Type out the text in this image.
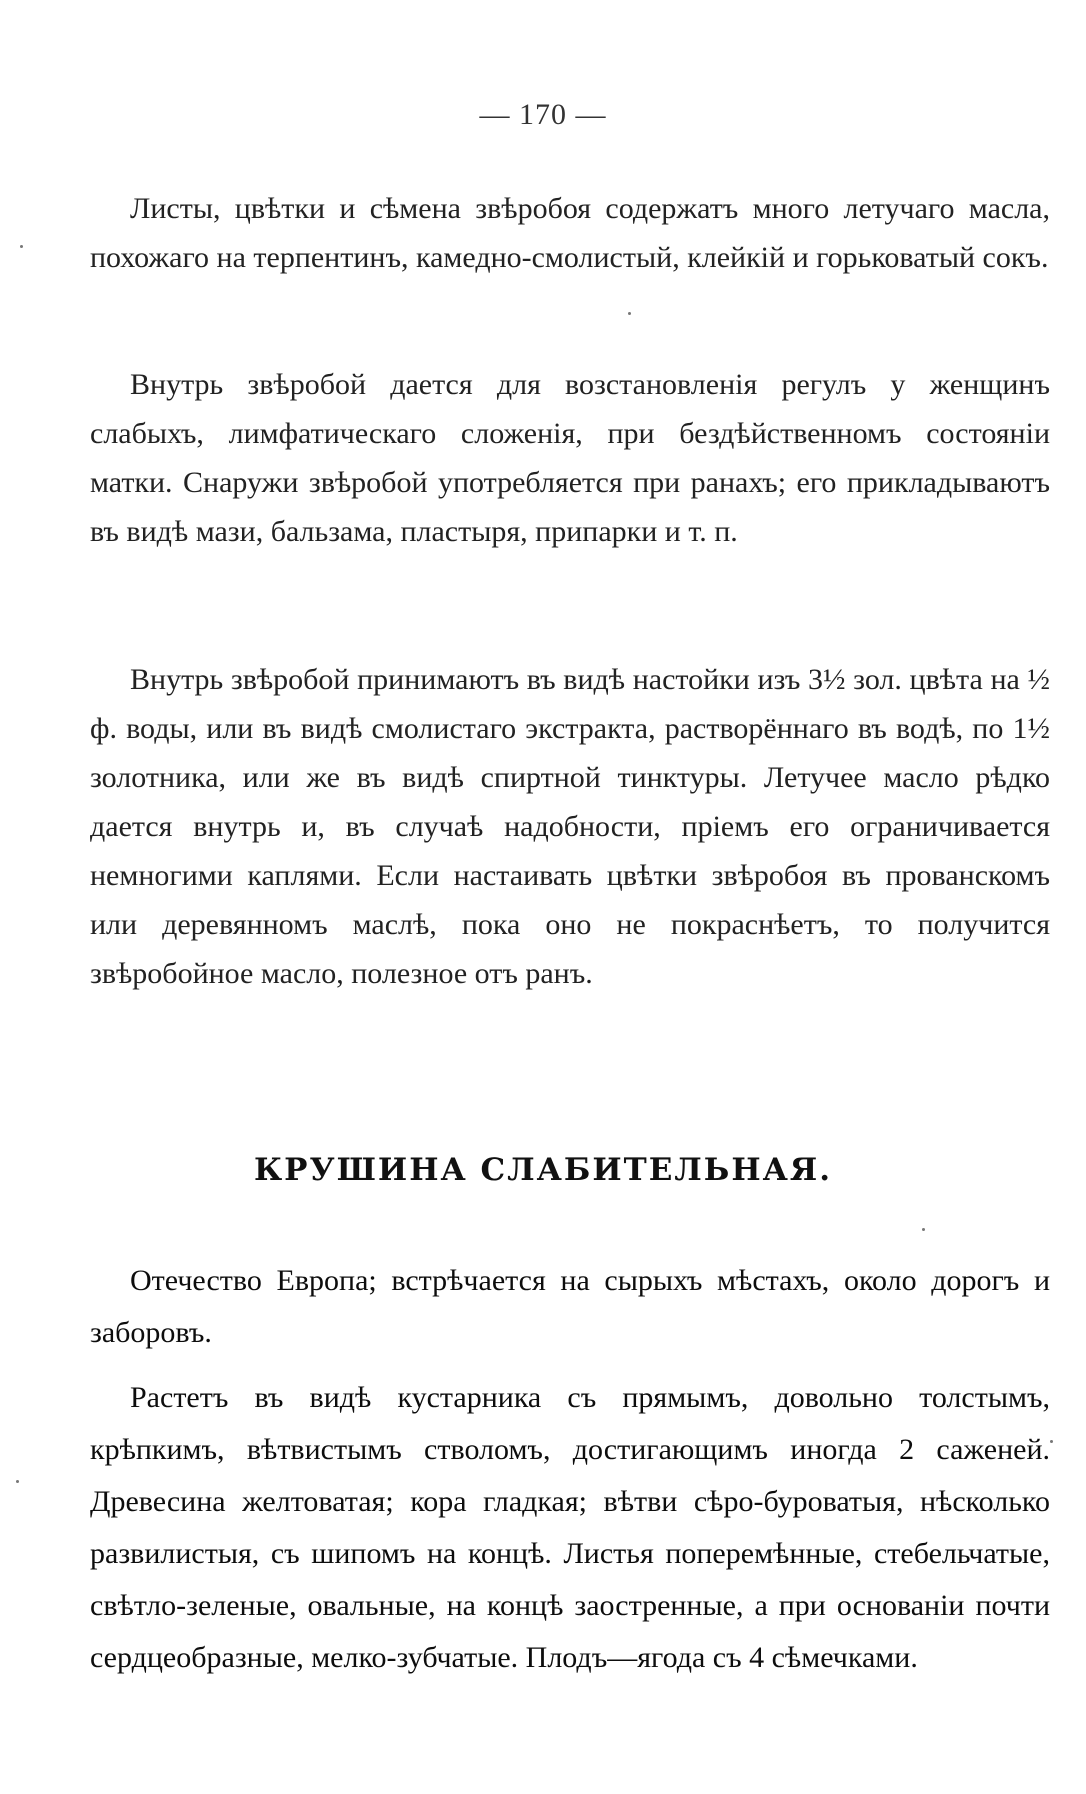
— 170 —

Листы, цвѣтки и сѣмена звѣробоя содержатъ много летучаго масла, похожаго на терпентинъ, камедно-смолистый, клейкій и горьковатый сокъ.

Внутрь звѣробой дается для возстановленія регулъ у женщинъ слабыхъ, лимфатическаго сложенія, при бездѣйственномъ состояніи матки. Снаружи звѣробой употребляется при ранахъ; его прикладываютъ въ видѣ мази, бальзама, пластыря, припарки и т. п.

Внутрь звѣробой принимаютъ въ видѣ настойки изъ 3½ зол. цвѣта на ½ ф. воды, или въ видѣ смолистаго экстракта, растворённаго въ водѣ, по 1½ золотника, или же въ видѣ спиртной тинктуры. Летучее масло рѣдко дается внутрь и, въ случаѣ надобности, пріемъ его ограничивается немногими каплями. Если настаивать цвѣтки звѣробоя въ прованскомъ или деревянномъ маслѣ, пока оно не покраснѣетъ, то получится звѣробойное масло, полезное отъ ранъ.

КРУШИНА СЛАБИТЕЛЬНАЯ.

Отечество Европа; встрѣчается на сырыхъ мѣстахъ, около дорогъ и заборовъ.

Растетъ въ видѣ кустарника съ прямымъ, довольно толстымъ, крѣпкимъ, вѣтвистымъ стволомъ, достигающимъ иногда 2 саженей. Древесина желтоватая; кора гладкая; вѣтви сѣро-буроватыя, нѣсколько развилистыя, съ шипомъ на концѣ. Листья поперемѣнные, стебельчатые, свѣтло-зеленые, овальные, на концѣ заостренные, а при основаніи почти сердцеобразные, мелко-зубчатые. Плодъ—ягода съ 4 сѣмечками.
